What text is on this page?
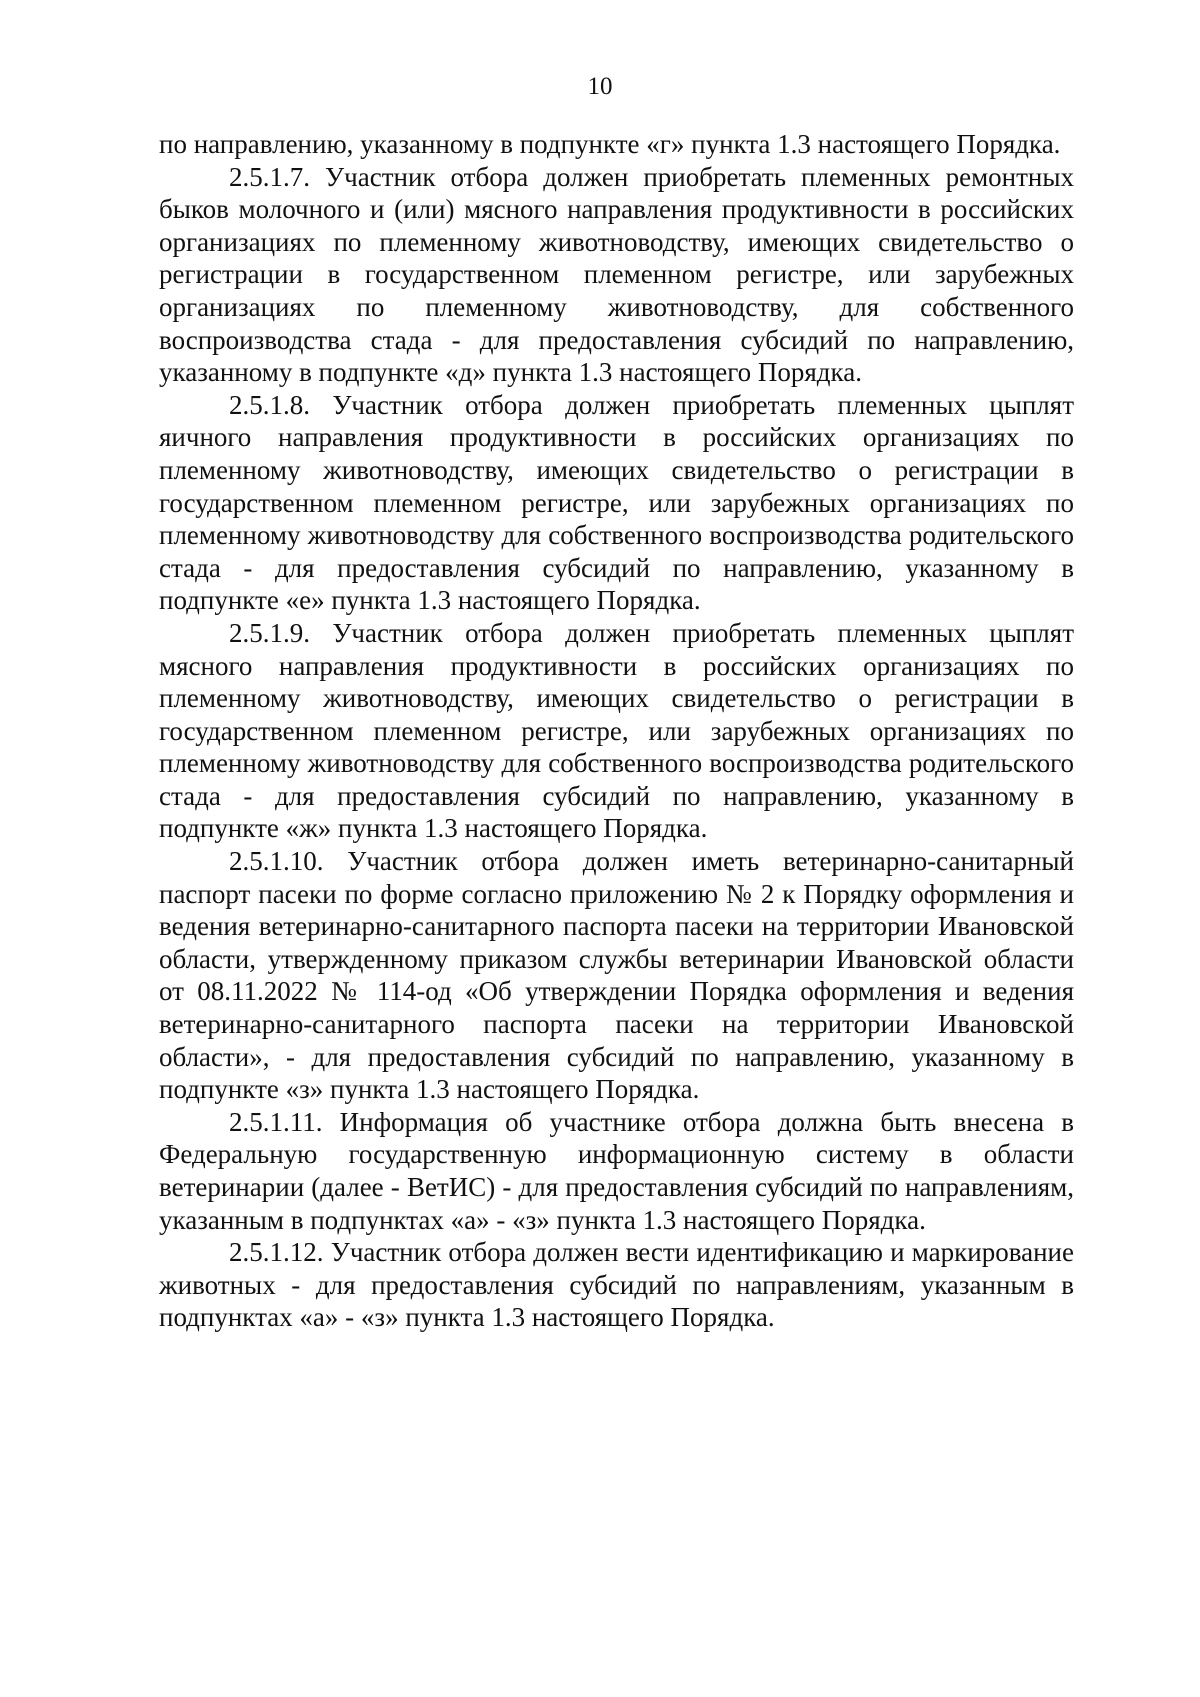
10

по направлению, указанному в подпункте «г» пункта 1.3 настоящего Порядка.

2.5.1.7. Участник отбора должен приобретать племенных ремонтных быков молочного и (или) мясного направления продуктивности в российских организациях по племенному животноводству, имеющих свидетельство о регистрации в государственном племенном регистре, или зарубежных организациях по племенному животноводству, для собственного воспроизводства стада - для предоставления субсидий по направлению, указанному в подпункте «д» пункта 1.3 настоящего Порядка.

2.5.1.8. Участник отбора должен приобретать племенных цыплят яичного направления продуктивности в российских организациях по племенному животноводству, имеющих свидетельство о регистрации в государственном племенном регистре, или зарубежных организациях по племенному животноводству для собственного воспроизводства родительского стада - для предоставления субсидий по направлению, указанному в подпункте «е» пункта 1.3 настоящего Порядка.

2.5.1.9. Участник отбора должен приобретать племенных цыплят мясного направления продуктивности в российских организациях по племенному животноводству, имеющих свидетельство о регистрации в государственном племенном регистре, или зарубежных организациях по племенному животноводству для собственного воспроизводства родительского стада - для предоставления субсидий по направлению, указанному в подпункте «ж» пункта 1.3 настоящего Порядка.

2.5.1.10. Участник отбора должен иметь ветеринарно-санитарный паспорт пасеки по форме согласно приложению № 2 к Порядку оформления и ведения ветеринарно-санитарного паспорта пасеки на территории Ивановской области, утвержденному приказом службы ветеринарии Ивановской области от 08.11.2022 № 114-од «Об утверждении Порядка оформления и ведения ветеринарно-санитарного паспорта пасеки на территории Ивановской области», - для предоставления субсидий по направлению, указанному в подпункте «з» пункта 1.3 настоящего Порядка.

2.5.1.11. Информация об участнике отбора должна быть внесена в Федеральную государственную информационную систему в области ветеринарии (далее - ВетИС) - для предоставления субсидий по направлениям, указанным в подпунктах «а» - «з» пункта 1.3 настоящего Порядка.

2.5.1.12. Участник отбора должен вести идентификацию и маркирование животных - для предоставления субсидий по направлениям, указанным в подпунктах «а» - «з» пункта 1.3 настоящего Порядка.
